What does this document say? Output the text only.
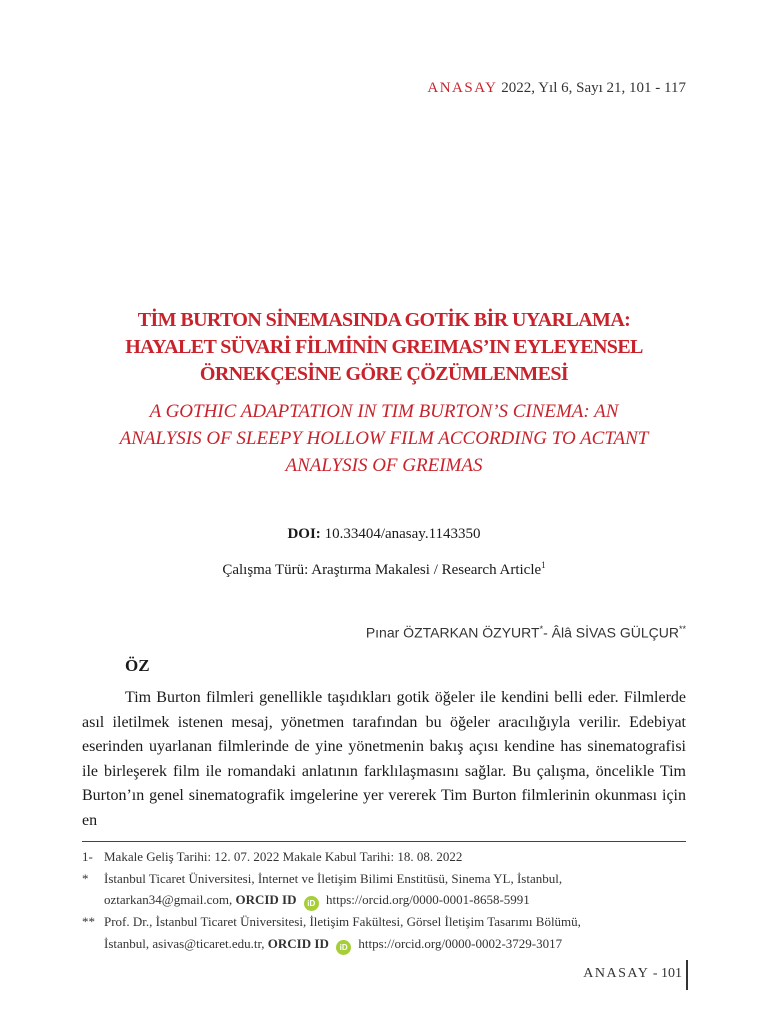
ANASAY 2022, Yıl 6, Sayı 21, 101 - 117
TİM BURTON SİNEMASINDA GOTİK BİR UYARLAMA:
HAYALET SÜVARİ FİLMİNİN GREIMAS’IN EYLEYENSEL
ÖRNEKÇESİNE GÖRE ÇÖZÜMLENMESİ
A GOTHIC ADAPTATION IN TIM BURTON’S CINEMA: AN
ANALYSIS OF SLEEPY HOLLOW FILM ACCORDING TO ACTANT
ANALYSIS OF GREIMAS
DOI: 10.33404/anasay.1143350
Çalışma Türü: Araştırma Makalesi / Research Article$^1$
Pınar ÖZTARKAN ÖZYURT*- Âlâ SİVAS GÜLÇUR**
ÖZ

Tim Burton filmleri genellikle taşıdıkları gotik öğeler ile kendini belli eder. Filmlerde asıl iletilmek istenen mesaj, yönetmen tarafından bu öğeler aracılığıyla verilir. Edebiyat eserinden uyarlanan filmlerinde de yine yönetmenin bakış açısı kendine has sinematografisi ile birleşerek film ile romandaki anlatının farklılaşmasını sağlar. Bu çalışma, öncelikle Tim Burton’ın genel sinematografik imgelerine yer vererek Tim Burton filmlerinin okunması için en

1- Makale Geliş Tarihi: 12. 07. 2022 Makale Kabul Tarihi: 18. 08. 2022
*	İstanbul Ticaret Üniversitesi, İnternet ve İletişim Bilimi Enstitüsü, Sinema YL, İstanbul,
oztarkan34@gmail.com, ORCID ID iD https://orcid.org/0000-0001-8658-5991
** Prof. Dr., İstanbul Ticaret Üniversitesi, İletişim Fakültesi, Görsel İletişim Tasarımı Bölümü,
İstanbul, asivas@ticaret.edu.tr, ORCID ID iD https://orcid.org/0000-0002-3729-3017
ANASAY - 101
